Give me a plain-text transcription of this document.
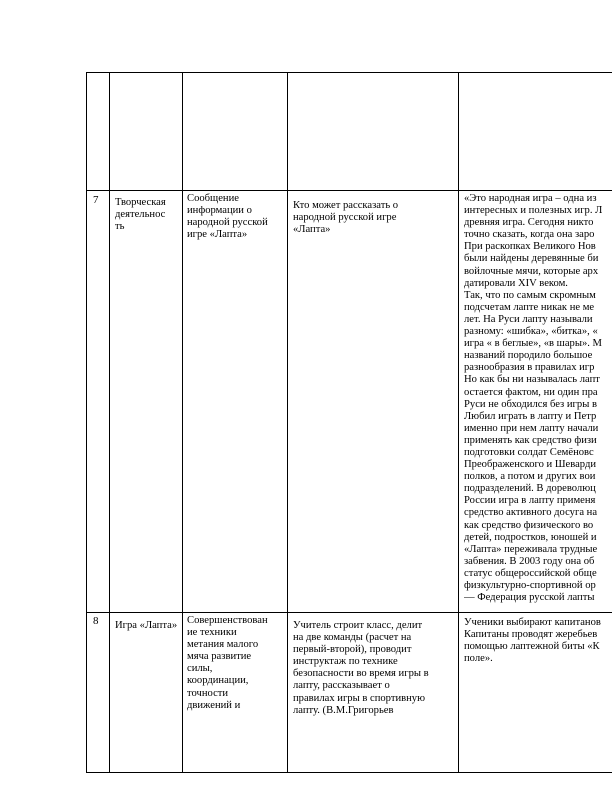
7	Творческая
деятельнос
ть
Сообщение
информации о
народной русской
игре «Лапта»
Кто может рассказать о
народной русской игре
«Лапта»
«Это народная игра – одна из
интересных и полезных игр. Л
древняя игра. Сегодня никто
точно сказать, когда она заро
При раскопках Великого Нов
были найдены деревянные би
войлочные мячи, которые арх
датировали XIV веком.
Так, что по самым скромным
подсчетам лапте никак не ме
лет. На Руси лапту называли
разному: «шибка», «битка», «
игра « в беглые», «в шары». М
названий породило большое
разнообразия в правилах игр
Но как бы ни называлась лапт
остается фактом, ни один пра
Руси не обходился без игры в
Любил играть в лапту и Петр
именно при нем лапту начали
применять как средство физи
подготовки солдат Семёновс
Преображенского и Шеварди
полков, а потом и других вои
подразделений. В дореволюц
России игра в лапту применя
средство активного досуга на
как средство физического во
детей, подростков, юношей и
«Лапта» переживала трудные
забвения. В 2003 году она об
статус общероссийской обще
физкультурно-спортивной ор
— Федерация русской лапты
8	Игра «Лапта» Совершенствован
ие техники
метания малого
мяча развитие
силы,
координации,
точности
движений и
Учитель строит класс, делит
на две команды (расчет на
первый-второй), проводит
инструктаж по технике
безопасности во время игры в
лапту, рассказывает о
правилах игры в спортивную
лапту. (В.М.Григорьев
Ученики выбирают капитанов
Капитаны проводят жеребьев
помощью лаптежной биты «К
поле».
